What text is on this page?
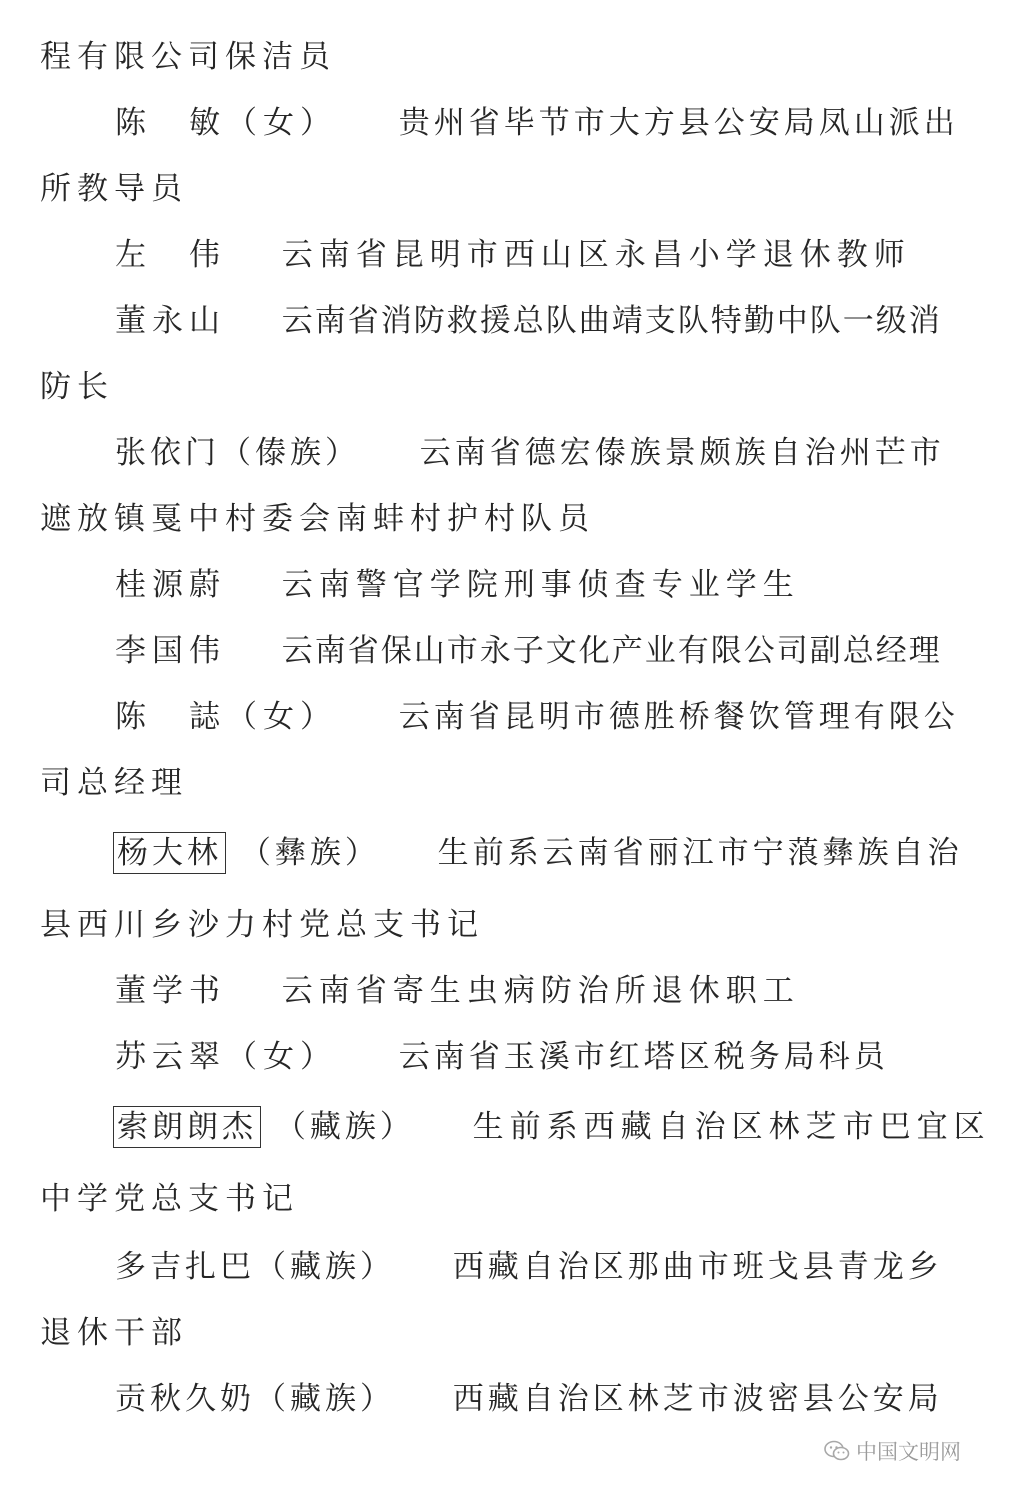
程有限公司保洁员

陈　敏（女） 贵州省毕节市大方县公安局凤山派出

所教导员

左　伟 云南省昆明市西山区永昌小学退休教师

董永山 云南省消防救援总队曲靖支队特勤中队一级消

防长

张依门（傣族） 云南省德宏傣族景颇族自治州芒市

遮放镇戛中村委会南蚌村护村队员

桂源蔚 云南警官学院刑事侦查专业学生

李国伟 云南省保山市永子文化产业有限公司副总经理

陈　誌（女） 云南省昆明市德胜桥餐饮管理有限公

司总经理

杨大林 （彝族） 生前系云南省丽江市宁蒗彝族自治

县西川乡沙力村党总支书记

董学书 云南省寄生虫病防治所退休职工

苏云翠（女） 云南省玉溪市红塔区税务局科员

索朗朗杰 （藏族） 生前系西藏自治区林芝市巴宜区

中学党总支书记

多吉扎巴（藏族） 西藏自治区那曲市班戈县青龙乡

退休干部

贡秋久奶（藏族） 西藏自治区林芝市波密县公安局

中国文明网
